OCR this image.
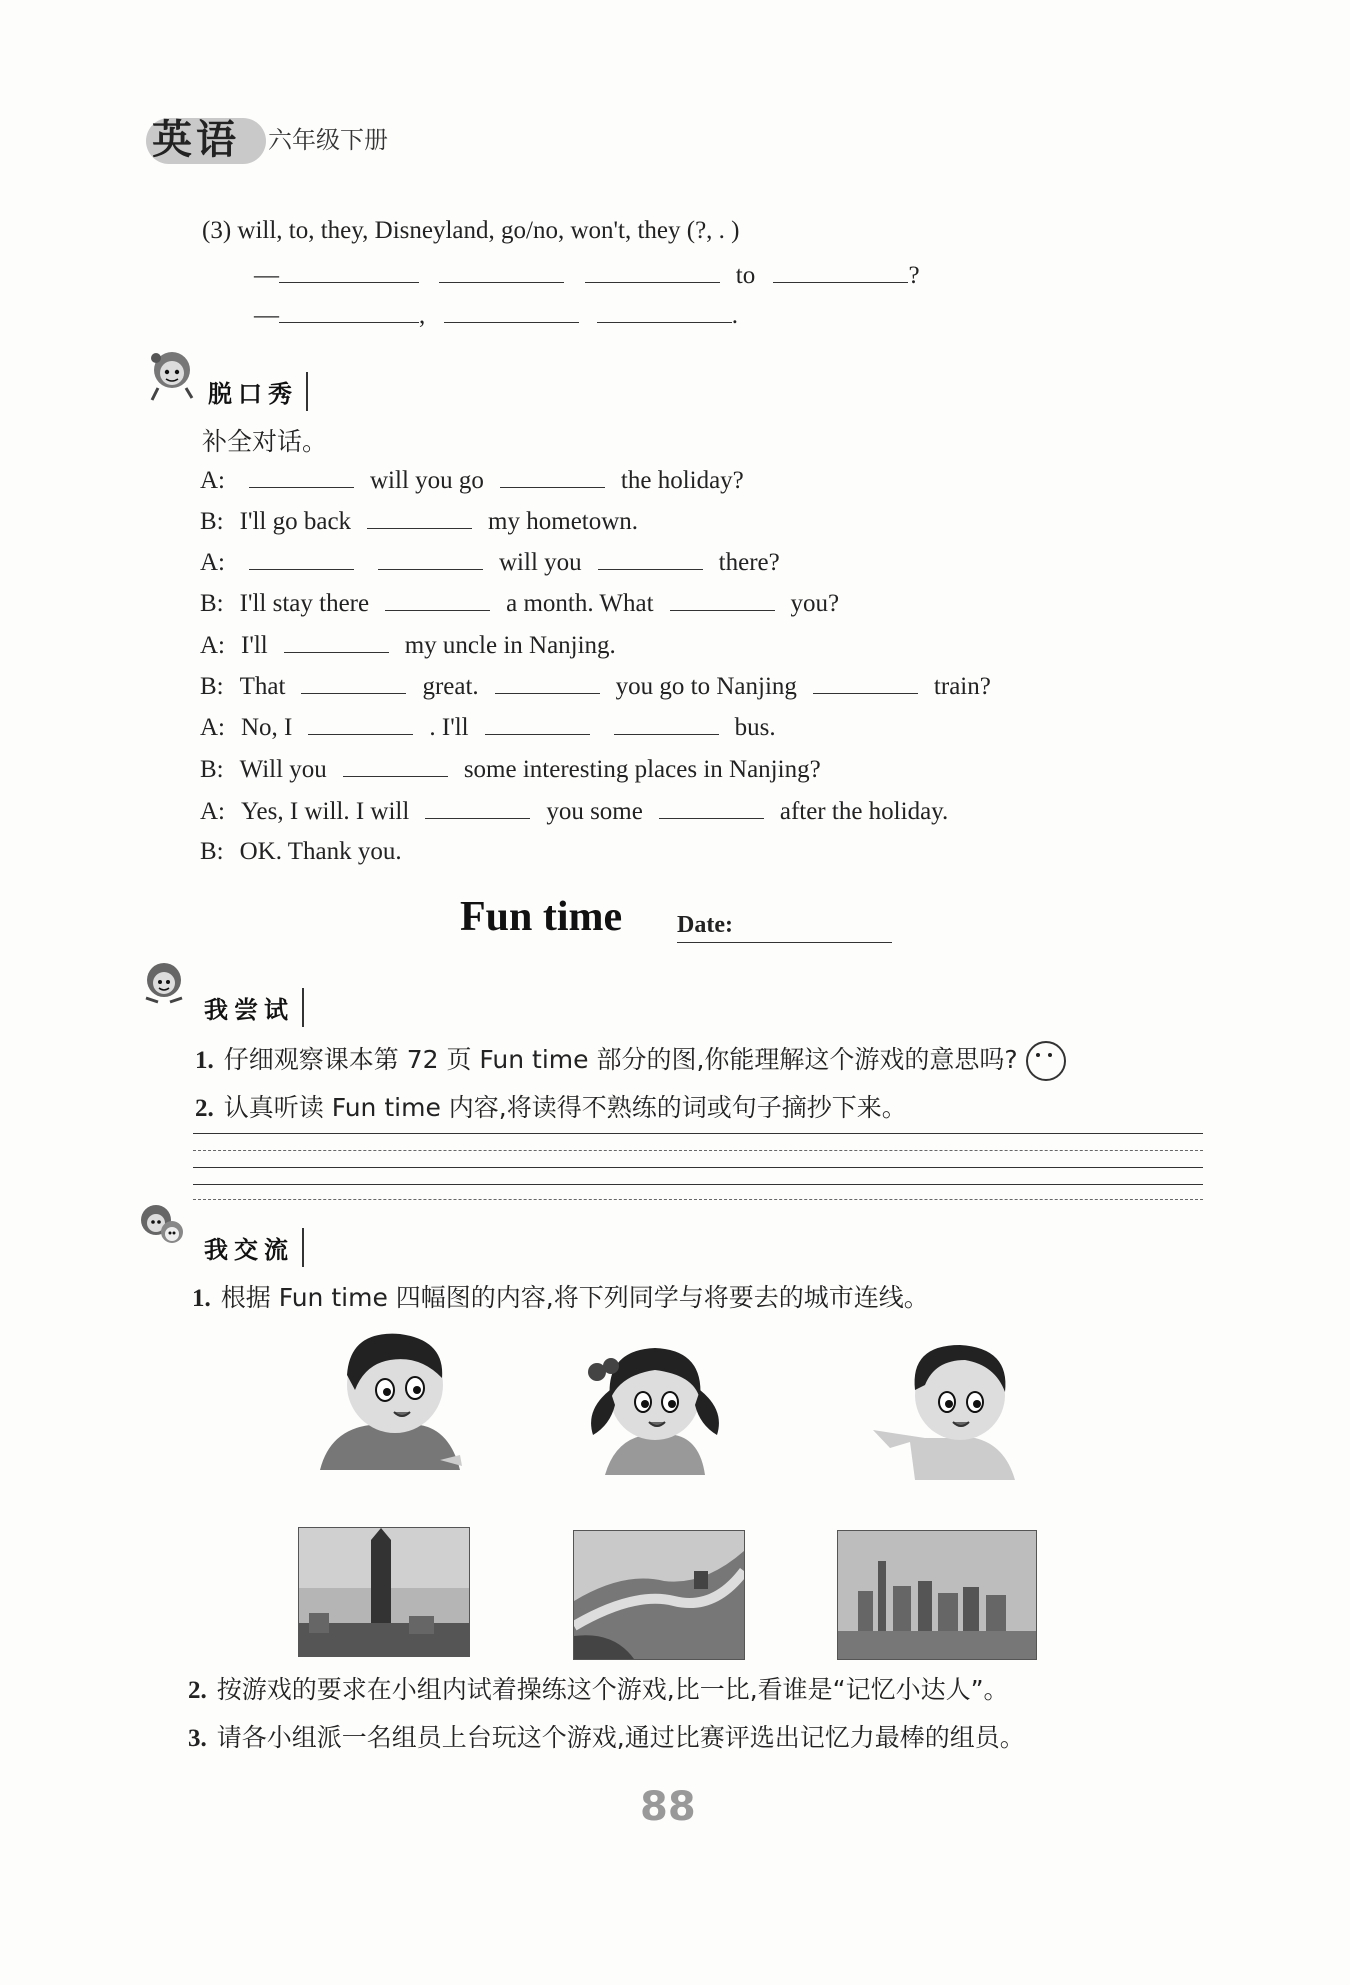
英语 六年级下册
(3) will, to, they, Disneyland, go/no, won't, they (?, . )
—	to	?
—	,	.
脱口秀
补全对话。
A:	will you go	the holiday?
B: I'll go back	my hometown.
A:	will you	there?
B: I'll stay there	a month. What	you?
A: I'll	my uncle in Nanjing.
B: That	great.	you go to Nanjing	train?
A: No, I	. I'll	bus.
B: Will you	some interesting places in Nanjing?
A: Yes, I will. I will	you some	after the holiday.
B: OK. Thank you.
Fun time Date:
我尝试
1. 仔细观察课本第 72 页 Fun time 部分的图,你能理解这个游戏的意思吗?
2. 认真听读 Fun time 内容,将读得不熟练的词或句子摘抄下来。
我交流
1. 根据 Fun time 四幅图的内容,将下列同学与将要去的城市连线。
2. 按游戏的要求在小组内试着操练这个游戏,比一比,看谁是“记忆小达人”。
3. 请各小组派一名组员上台玩这个游戏,通过比赛评选出记忆力最棒的组员。
88
